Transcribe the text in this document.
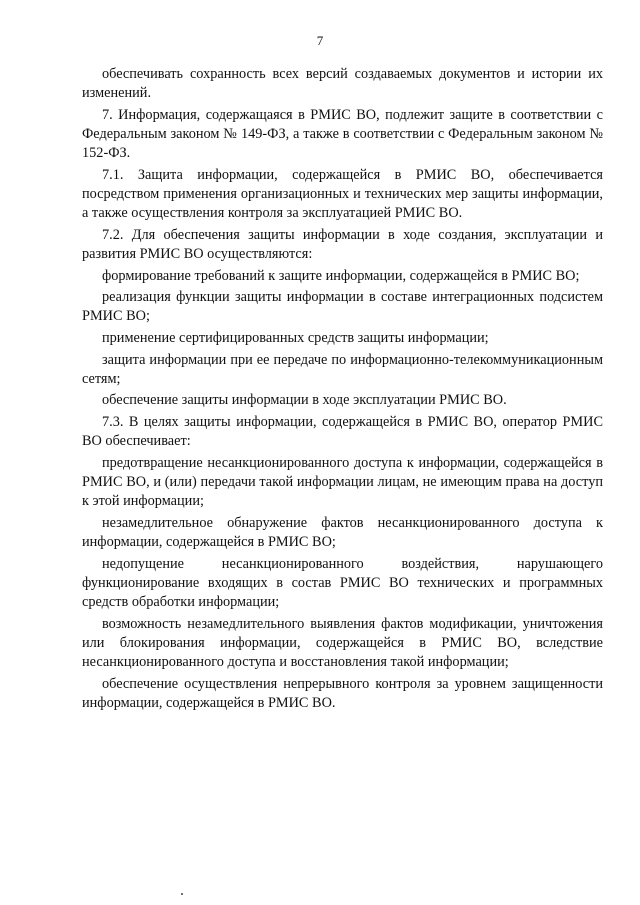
7

обеспечивать сохранность всех версий создаваемых документов и истории их изменений.

7. Информация, содержащаяся в РМИС ВО, подлежит защите в соответствии с Федеральным законом № 149-ФЗ, а также в соответствии с Федеральным законом № 152-ФЗ.

7.1. Защита информации, содержащейся в РМИС ВО, обеспечивается посредством применения организационных и технических мер защиты информации, а также осуществления контроля за эксплуатацией РМИС ВО.

7.2. Для обеспечения защиты информации в ходе создания, эксплуатации и развития РМИС ВО осуществляются:

формирование требований к защите информации, содержащейся в РМИС ВО;

реализация функции защиты информации в составе интеграционных подсистем РМИС ВО;

применение сертифицированных средств защиты информации;

защита информации при ее передаче по информационно-телекоммуникационным сетям;

обеспечение защиты информации в ходе эксплуатации РМИС ВО.

7.3. В целях защиты информации, содержащейся в РМИС ВО, оператор РМИС ВО обеспечивает:

предотвращение несанкционированного доступа к информации, содержащейся в РМИС ВО, и (или) передачи такой информации лицам, не имеющим права на доступ к этой информации;

незамедлительное обнаружение фактов несанкционированного доступа к информации, содержащейся в РМИС ВО;

недопущение несанкционированного воздействия, нарушающего функционирование входящих в состав РМИС ВО технических и программных средств обработки информации;

возможность незамедлительного выявления фактов модификации, уничтожения или блокирования информации, содержащейся в РМИС ВО, вследствие несанкционированного доступа и восстановления такой информации;

обеспечение осуществления непрерывного контроля за уровнем защищенности информации, содержащейся в РМИС ВО.
